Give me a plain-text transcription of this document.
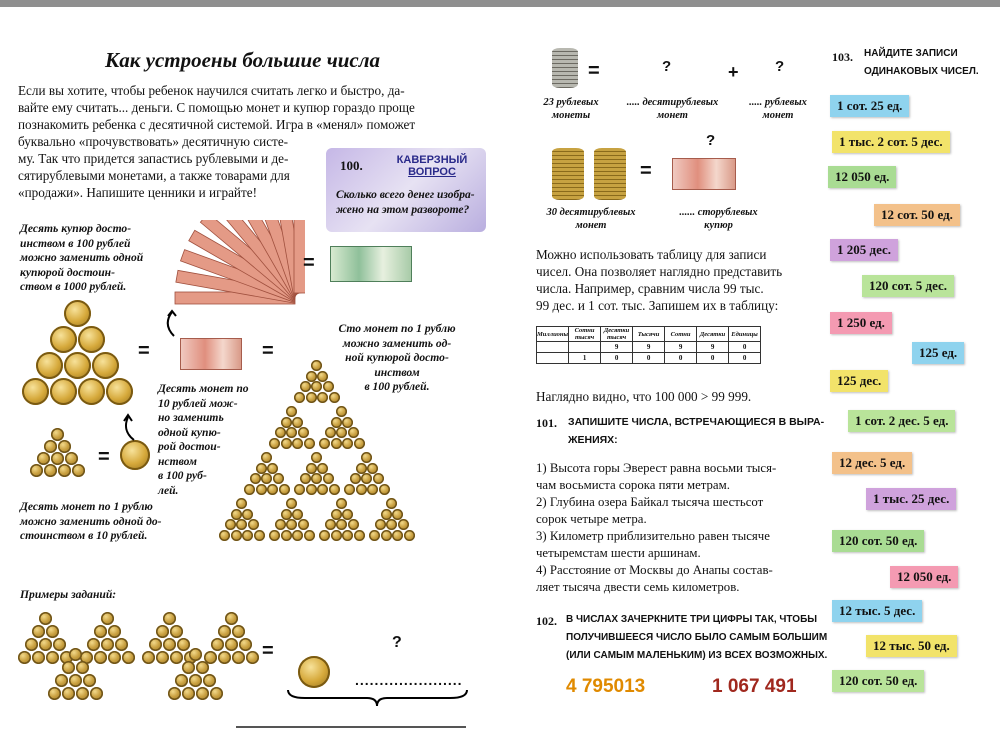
Как устроены большие числа
Если вы хотите, чтобы ребенок научился считать легко и быстро, да-
вайте ему считать... деньги. С помощью монет и купюр гораздо проще
познакомить ребенка с десятичной системой. Игра в «менял» поможет
буквально «прочувствовать» десятичную систе-
му. Так что придется запастись рублевыми и де-
сятирублевыми монетами, а также товарами для
«продажи». Напишите ценники и играйте!
100.	КАВЕРЗНЫЙ
ВОПРОС
Сколько всего денег изобра-
жено на этом развороте?
=
Десять купюр досто-
инством в 100 рублей
можно заменить одной
купюрой достоин-
ством в 1000 рублей.
=	=
=
Десять монет по
10 рублей мож-
но заменить
одной купю-
рой достои-
нством
в 100 руб-
лей.
Десять монет по 1 рублю
можно заменить одной до-
стоинством в 10 рублей.
Сто монет по 1 рублю
можно заменить од-
ной купюрой досто-
инством
в 100 рублей.
Примеры заданий:
=	?
......................
=	?	+ ?
23 рублевых
монеты
..... десятирублевых
монет
..... рублевых
монет
=
?
30 десятирублевых
монет
...... сторублевых
купюр
Можно использовать таблицу для записи
чисел. Она позволяет наглядно представить
числа. Например, сравним числа 99 тыс.
99 дес. и 1 сот. тыс. Запишем их в таблицу:
Миллионы	Сотни тысяч	Десятки тысяч	Тысячи	Сотни	Десятки	Единицы
		9	9	9	9	0
	1	0	0	0	0	0
Наглядно видно, что 100 000 > 99 999.
101. ЗАПИШИТЕ ЧИСЛА, ВСТРЕЧАЮЩИЕСЯ В ВЫРА-
ЖЕНИЯХ:
1) Высота горы Эверест равна восьми тыся-
чам восьмиста сорока пяти метрам.
2) Глубина озера Байкал тысяча шестьсот
сорок четыре метра.
3) Километр приблизительно равен тысяче
четыремстам шести аршинам.
4) Расстояние от Москвы до Анапы состав-
ляет тысяча двести семь километров.
102. В ЧИСЛАХ ЗАЧЕРКНИТЕ ТРИ ЦИФРЫ ТАК, ЧТОБЫ
ПОЛУЧИВШЕЕСЯ ЧИСЛО БЫЛО САМЫМ БОЛЬШИМ
(ИЛИ САМЫМ МАЛЕНЬКИМ) ИЗ ВСЕХ ВОЗМОЖНЫХ.
4 795013	1 067 491
103. НАЙДИТЕ ЗАПИСИ
ОДИНАКОВЫХ ЧИСЕЛ.
1 сот. 25 ед.
1 тыс. 2 сот. 5 дес.
12 050 ед.
12 сот. 50 ед.
1 205 дес.
120 сот. 5 дес.
1 250 ед.
125 ед.
125 дес.
1 сот. 2 дес. 5 ед.
12 дес. 5 ед.
1 тыс. 25 дес.
120 сот. 50 ед.
12 050 ед.
12 тыс. 5 дес.
12 тыс. 50 ед.
120 сот. 50 ед.
